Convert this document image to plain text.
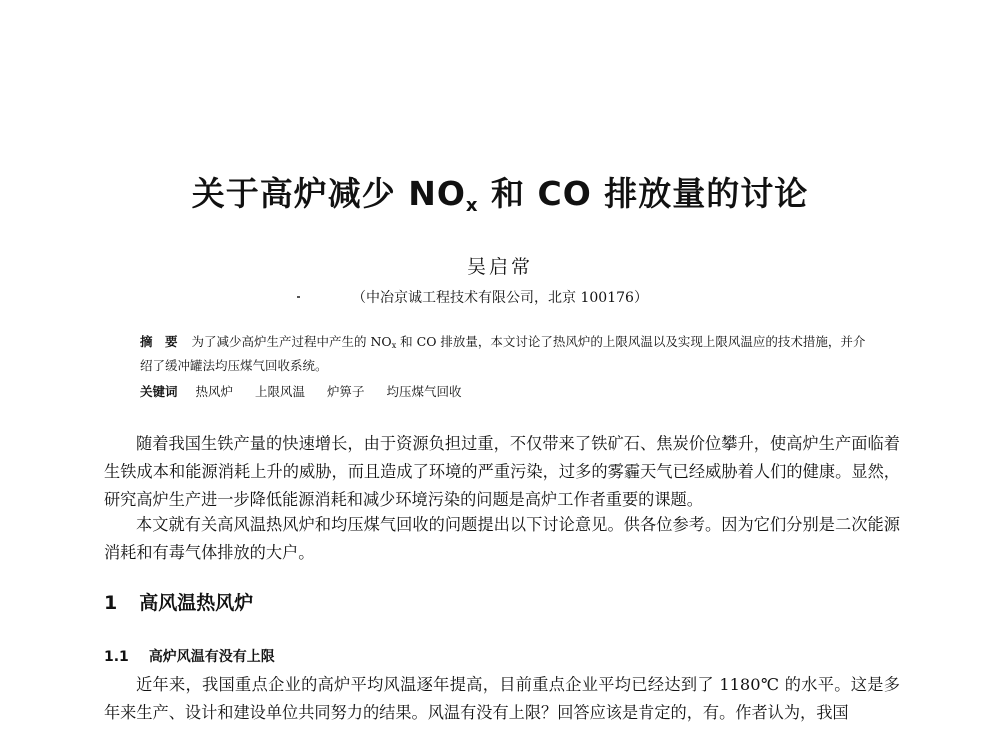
关于高炉减少 $NO_x$ 和 CO 排放量的讨论
吴启常
（中冶京诚工程技术有限公司，北京 100176）
摘　要 为了减少高炉生产过程中产生的 $NO_x$ 和 CO 排放量，本文讨论了热风炉的上限风温以及实现上限风温应的技术措施，并介绍了缓冲罐法均压煤气回收系统。
关键词 热风炉 上限风温 炉箅子 均压煤气回收

随着我国生铁产量的快速增长，由于资源负担过重，不仅带来了铁矿石、焦炭价位攀升，使高炉生产面临着生铁成本和能源消耗上升的威胁，而且造成了环境的严重污染，过多的雾霾天气已经威胁着人们的健康。显然，研究高炉生产进一步降低能源消耗和减少环境污染的问题是高炉工作者重要的课题。

本文就有关高风温热风炉和均压煤气回收的问题提出以下讨论意见。供各位参考。因为它们分别是二次能源消耗和有毒气体排放的大户。

1 高风温热风炉
1.1 高炉风温有没有上限

近年来，我国重点企业的高炉平均风温逐年提高，目前重点企业平均已经达到了 1180℃ 的水平。这是多年来生产、设计和建设单位共同努力的结果。风温有没有上限？回答应该是肯定的，有。作者认为，我国
